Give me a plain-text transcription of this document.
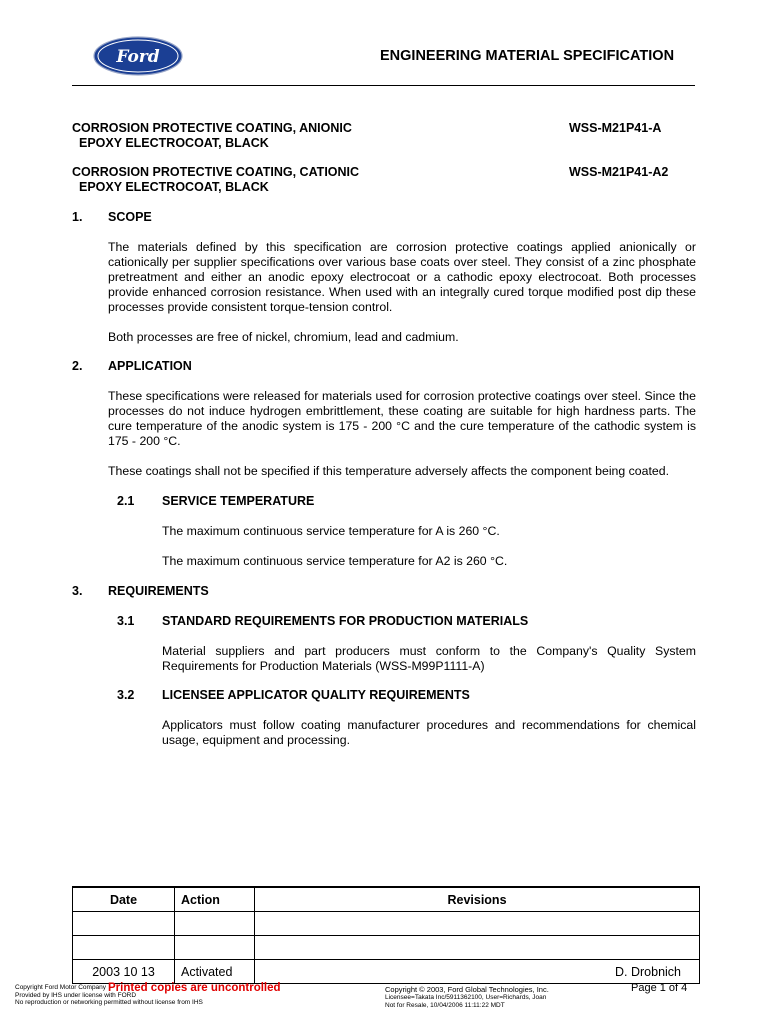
Ford	ENGINEERING MATERIAL SPECIFICATION
CORROSION PROTECTIVE COATING, ANIONIC
EPOXY ELECTROCOAT, BLACK
WSS-M21P41-A
CORROSION PROTECTIVE COATING, CATIONIC
EPOXY ELECTROCOAT, BLACK
WSS-M21P41-A2
1. SCOPE
The materials defined by this specification are corrosion protective coatings applied anionically or cationically per supplier specifications over various base coats over steel. They consist of a zinc phosphate pretreatment and either an anodic epoxy electrocoat or a cathodic epoxy electrocoat. Both processes provide enhanced corrosion resistance. When used with an integrally cured torque modified post dip these processes provide consistent torque-tension control.
Both processes are free of nickel, chromium, lead and cadmium.
2. APPLICATION
These specifications were released for materials used for corrosion protective coatings over steel. Since the processes do not induce hydrogen embrittlement, these coating are suitable for high hardness parts. The cure temperature of the anodic system is 175 - 200 °C and the cure temperature of the cathodic system is 175 - 200 °C.
These coatings shall not be specified if this temperature adversely affects the component being coated.
2.1 SERVICE TEMPERATURE
The maximum continuous service temperature for A is 260 °C.
The maximum continuous service temperature for A2 is 260 °C.
3. REQUIREMENTS
3.1 STANDARD REQUIREMENTS FOR PRODUCTION MATERIALS
Material suppliers and part producers must conform to the Company's Quality System Requirements for Production Materials (WSS-M99P1111-A)
3.2 LICENSEE APPLICATOR QUALITY REQUIREMENTS
Applicators must follow coating manufacturer procedures and recommendations for chemical usage, equipment and processing.
Date	Action	Revisions

2003 10 13	Activated	D. Drobnich
Copyright Ford Motor Company
Provided by IHS under license with FORD
No reproduction or networking permitted without license from IHS
Printed copies are uncontrolled	Copyright © 2003, Ford Global Technologies, Inc.
Licensee=Takata Inc/5911362100, User=Richards, Joan
Not for Resale, 10/04/2006 11:11:22 MDT
Page 1 of 4
